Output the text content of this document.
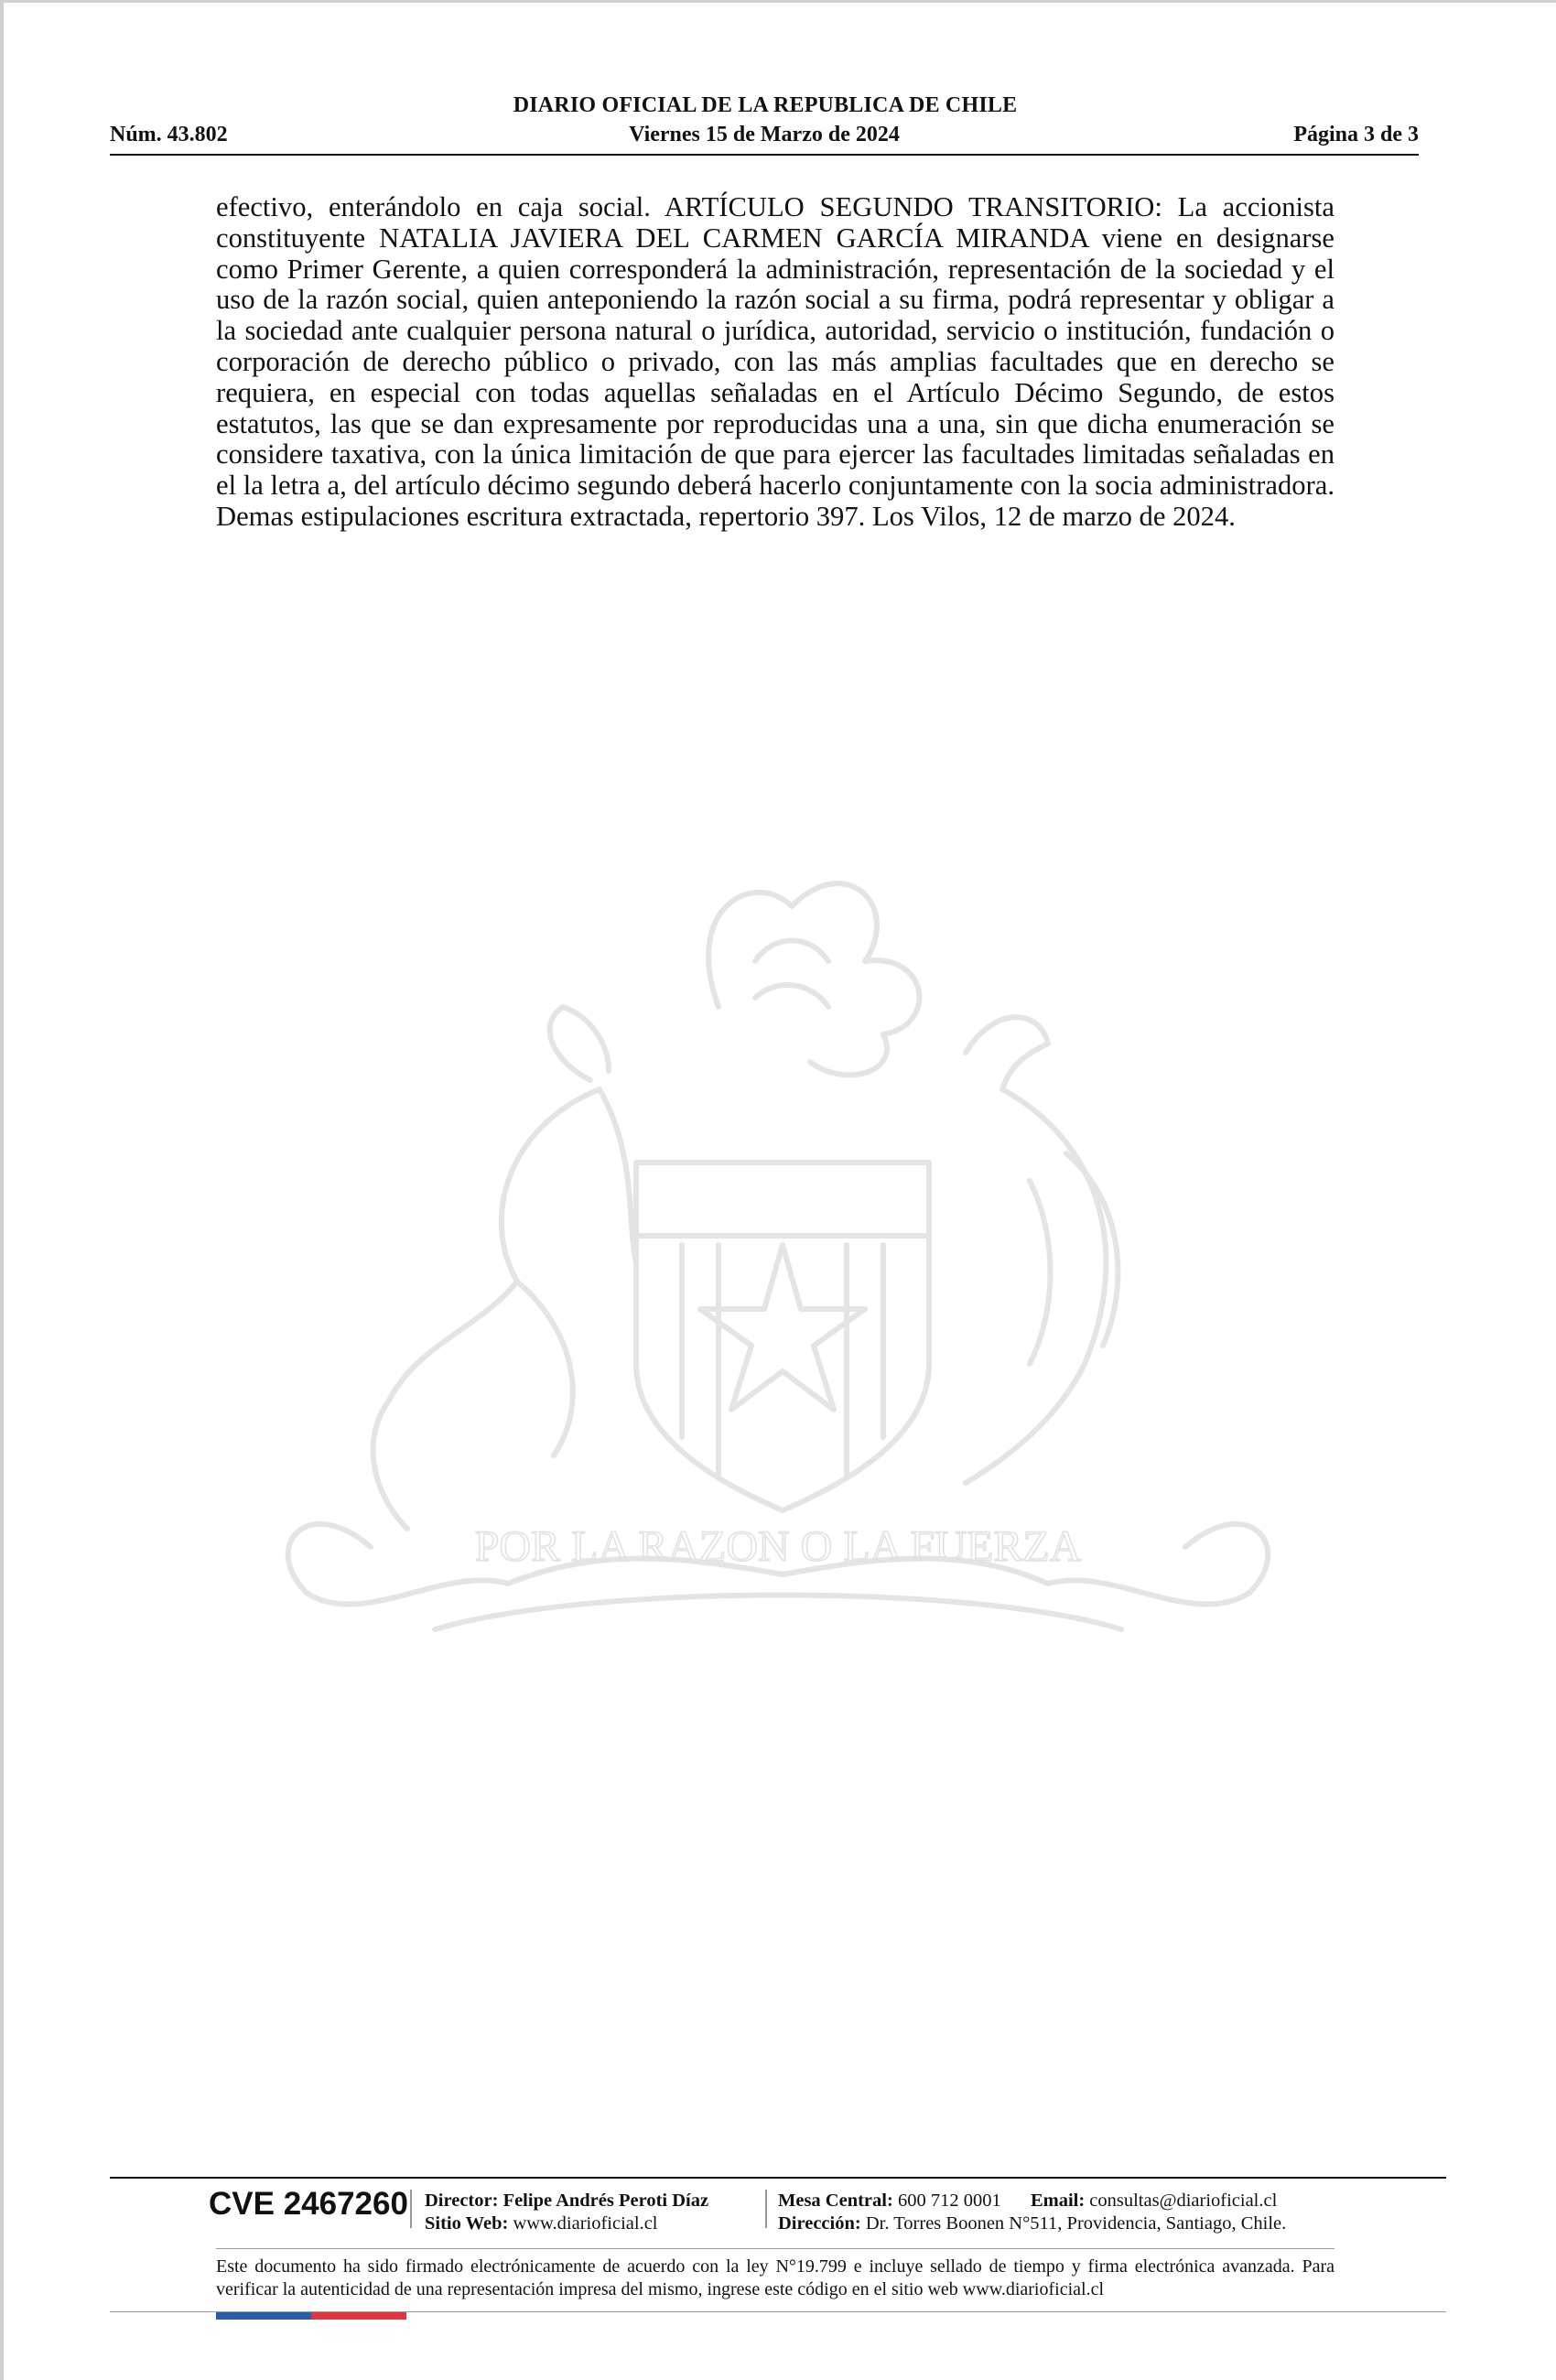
DIARIO OFICIAL DE LA REPUBLICA DE CHILE
Núm. 43.802	Viernes 15 de Marzo de 2024	Página 3 de 3

efectivo, enterándolo en caja social. ARTÍCULO SEGUNDO TRANSITORIO: La accionista constituyente NATALIA JAVIERA DEL CARMEN GARCÍA MIRANDA viene en designarse como Primer Gerente, a quien corresponderá la administración, representación de la sociedad y el uso de la razón social, quien anteponiendo la razón social a su firma, podrá representar y obligar a la sociedad ante cualquier persona natural o jurídica, autoridad, servicio o institución, fundación o corporación de derecho público o privado, con las más amplias facultades que en derecho se requiera, en especial con todas aquellas señaladas en el Artículo Décimo Segundo, de estos estatutos, las que se dan expresamente por reproducidas una a una, sin que dicha enumeración se considere taxativa, con la única limitación de que para ejercer las facultades limitadas señaladas en el la letra a, del artículo décimo segundo deberá hacerlo conjuntamente con la socia administradora. Demas estipulaciones escritura extractada, repertorio 397. Los Vilos, 12 de marzo de 2024.

POR LA RAZON O LA FUERZA
CVE 2467260 Director: Felipe Andrés Peroti Díaz
Sitio Web: www.diarioficial.cl
Mesa Central: 600 712 0001 Email: consultas@diarioficial.cl
Dirección: Dr. Torres Boonen N°511, Providencia, Santiago, Chile.

Este documento ha sido firmado electrónicamente de acuerdo con la ley N°19.799 e incluye sellado de tiempo y firma electrónica avanzada. Para verificar la autenticidad de una representación impresa del mismo, ingrese este código en el sitio web www.diarioficial.cl
